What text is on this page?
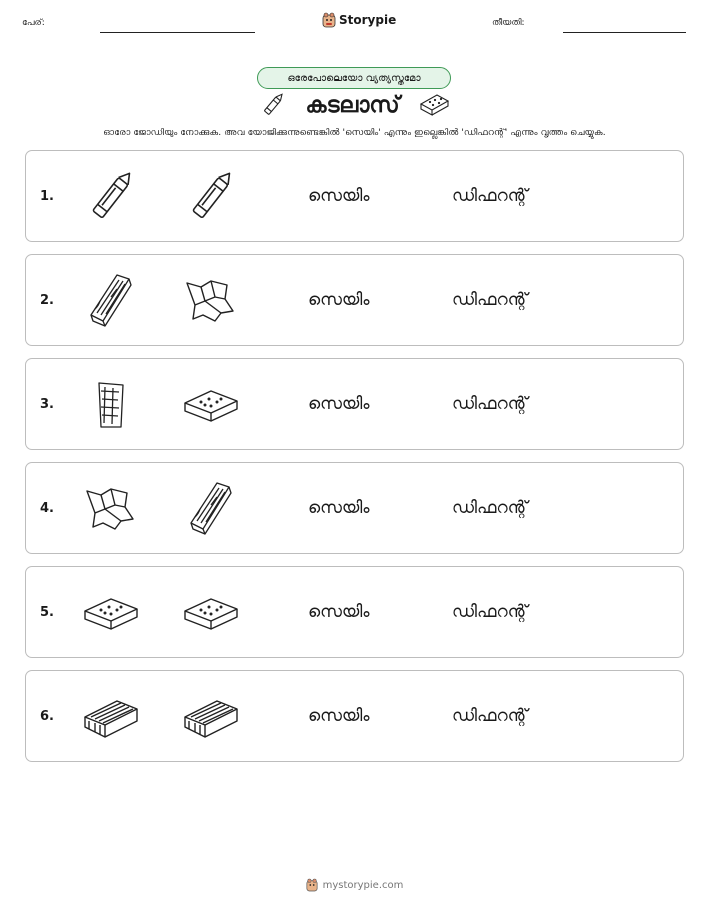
പേര്:	Storypie	തീയതി:
ഒരേപോലെയോ വ്യത്യസ്തമോ
കടലാസ്
ഓരോ ജോഡിയും നോക്കുക. അവ യോജിക്കുന്നുണ്ടെങ്കിൽ 'സെയിം' എന്നും ഇല്ലെങ്കിൽ 'ഡിഫറന്റ്' എന്നും വൃത്തം ചെയ്യുക.
1.	സെയിം	ഡിഫറന്റ്
2.	സെയിം	ഡിഫറന്റ്
3.	സെയിം	ഡിഫറന്റ്
4.	സെയിം	ഡിഫറന്റ്
5.	സെയിം	ഡിഫറന്റ്
6.	സെയിം	ഡിഫറന്റ്
mystorypie.com
